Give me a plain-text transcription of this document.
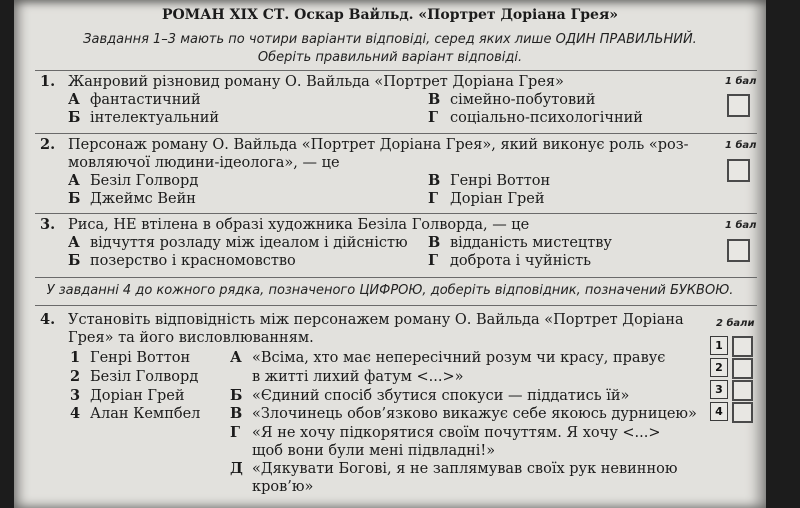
РОМАН XIX СТ. Оскар Вайльд. «Портрет Доріана Грея»
Завдання 1–3 мають по чотири варіанти відповіді, серед яких лише ОДИН ПРАВИЛЬНИЙ.
Оберіть правильний варіант відповіді.
1. Жанровий різновид роману О. Вайльда «Портрет Доріана Грея»	1 бал
А фантастичний
Б інтелектуальний
В сімейно-побутовий
Г соціально-психологічний
2. Персонаж роману О. Вайльда «Портрет Доріана Грея», який виконує роль «роз-
мовляючої людини-ідеолога», — це
1 бал
А Безіл Голворд
Б Джеймс Вейн
В Генрі Воттон
Г Доріан Грей
3. Риса, НЕ втілена в образі художника Безіла Голворда, — це	1 бал
А відчуття розладу між ідеалом і дійсністю
Б позерство і красномовство
В відданість мистецтву
Г доброта і чуйність
У завданні 4 до кожного рядка, позначеного ЦИФРОЮ, доберіть відповідник, позначений БУКВОЮ.
4. Установіть відповідність між персонажем роману О. Вайльда «Портрет Доріана
Грея» та його висловлюванням.
2 бали
1 Генрі Воттон
2 Безіл Голворд
3 Доріан Грей
4 Алан Кемпбел
А «Всіма, хто має непересічний розум чи красу, правує
в житті лихий фатум <...>»
Б «Єдиний спосіб збутися спокуси — піддатись їй»
В «Злочинець обов’язково викажує себе якоюсь дурницею»
Г «Я не хочу підкорятися своїм почуттям. Я хочу <...>
щоб вони були мені підвладні!»
Д «Дякувати Богові, я не заплямував своїх рук невинною
кров’ю»
1
2
3
4
